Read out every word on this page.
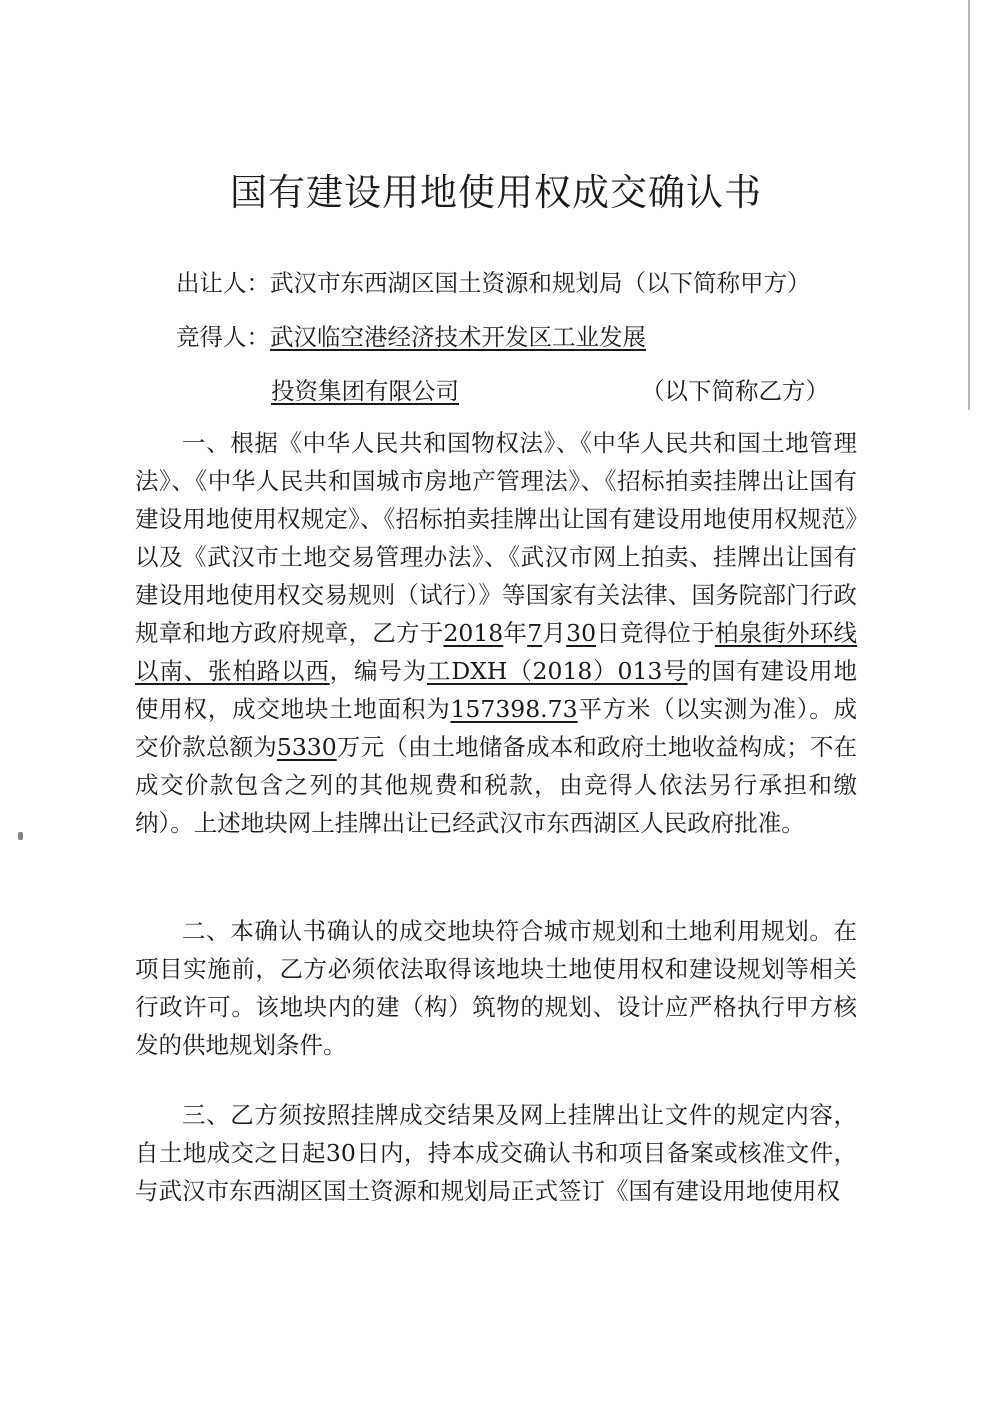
国有建设用地使用权成交确认书
出让人：武汉市东西湖区国土资源和规划局（以下简称甲方）
竞得人：武汉临空港经济技术开发区工业发展
投资集团有限公司	（以下简称乙方）

一、根据《中华人民共和国物权法》、《中华人民共和国土地管理法》、《中华人民共和国城市房地产管理法》、《招标拍卖挂牌出让国有建设用地使用权规定》、《招标拍卖挂牌出让国有建设用地使用权规范》以及《武汉市土地交易管理办法》、《武汉市网上拍卖、挂牌出让国有建设用地使用权交易规则（试行）》等国家有关法律、国务院部门行政规章和地方政府规章，乙方于2018年7月30日竞得位于柏泉街外环线以南、张柏路以西，编号为工DXH（2018）013号的国有建设用地使用权，成交地块土地面积为157398.73平方米（以实测为准）。成交价款总额为5330万元（由土地储备成本和政府土地收益构成；不在成交价款包含之列的其他规费和税款，由竞得人依法另行承担和缴纳）。上述地块网上挂牌出让已经武汉市东西湖区人民政府批准。

二、本确认书确认的成交地块符合城市规划和土地利用规划。在项目实施前，乙方必须依法取得该地块土地使用权和建设规划等相关行政许可。该地块内的建（构）筑物的规划、设计应严格执行甲方核发的供地规划条件。

三、乙方须按照挂牌成交结果及网上挂牌出让文件的规定内容，自土地成交之日起30日内，持本成交确认书和项目备案或核准文件，与武汉市东西湖区国土资源和规划局正式签订《国有建设用地使用权
